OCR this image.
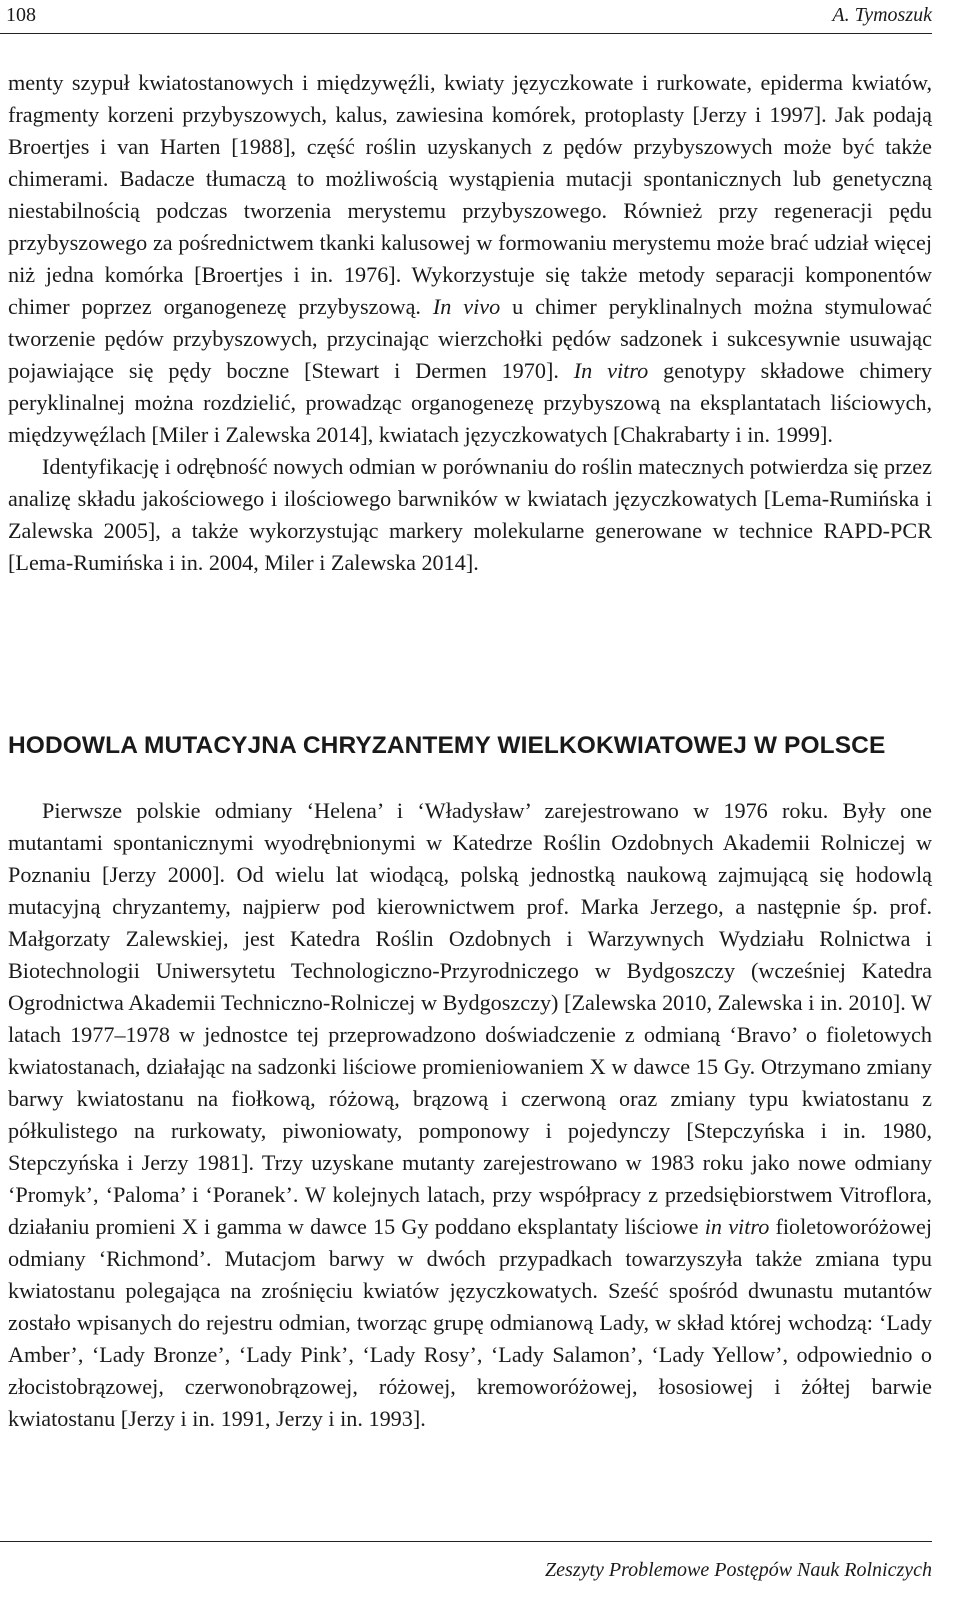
108	A. Tymoszuk

menty szypuł kwiatostanowych i międzywęźli, kwiaty języczkowate i rurkowate, epiderma kwiatów, fragmenty korzeni przybyszowych, kalus, zawiesina komórek, protoplasty [Jerzy i 1997]. Jak podają Broertjes i van Harten [1988], część roślin uzyskanych z pędów przybyszowych może być także chimerami. Badacze tłumaczą to możliwością wystąpienia mutacji spontanicznych lub genetyczną niestabilnością podczas tworzenia merystemu przybyszowego. Również przy regeneracji pędu przybyszowego za pośrednictwem tkanki kalusowej w formowaniu merystemu może brać udział więcej niż jedna komórka [Broertjes i in. 1976]. Wykorzystuje się także metody separacji komponentów chimer poprzez organogenezę przybyszową. In vivo u chimer peryklinalnych można stymulować tworzenie pędów przybyszowych, przycinając wierzchołki pędów sadzonek i sukcesywnie usuwając pojawiające się pędy boczne [Stewart i Dermen 1970]. In vitro genotypy składowe chimery peryklinalnej można rozdzielić, prowadząc organogenezę przybyszową na eksplantatach liściowych, międzywęźlach [Miler i Zalewska 2014], kwiatach języczkowatych [Chakrabarty i in. 1999].

Identyfikację i odrębność nowych odmian w porównaniu do roślin matecznych potwierdza się przez analizę składu jakościowego i ilościowego barwników w kwiatach języczkowatych [Lema-Rumińska i Zalewska 2005], a także wykorzystując markery molekularne generowane w technice RAPD-PCR [Lema-Rumińska i in. 2004, Miler i Zalewska 2014].

HODOWLA MUTACYJNA CHRYZANTEMY WIELKOKWIATOWEJ W POLSCE

Pierwsze polskie odmiany ‘Helena’ i ‘Władysław’ zarejestrowano w 1976 roku. Były one mutantami spontanicznymi wyodrębnionymi w Katedrze Roślin Ozdobnych Akademii Rolniczej w Poznaniu [Jerzy 2000]. Od wielu lat wiodącą, polską jednostką naukową zajmującą się hodowlą mutacyjną chryzantemy, najpierw pod kierownictwem prof. Marka Jerzego, a następnie śp. prof. Małgorzaty Zalewskiej, jest Katedra Roślin Ozdobnych i Warzywnych Wydziału Rolnictwa i Biotechnologii Uniwersytetu Technologiczno-Przyrodniczego w Bydgoszczy (wcześniej Katedra Ogrodnictwa Akademii Techniczno-Rolniczej w Bydgoszczy) [Zalewska 2010, Zalewska i in. 2010]. W latach 1977–1978 w jednostce tej przeprowadzono doświadczenie z odmianą ‘Bravo’ o fioletowych kwiatostanach, działając na sadzonki liściowe promieniowaniem X w dawce 15 Gy. Otrzymano zmiany barwy kwiatostanu na fiołkową, różową, brązową i czerwoną oraz zmiany typu kwiatostanu z półkulistego na rurkowaty, piwoniowaty, pomponowy i pojedynczy [Stepczyńska i in. 1980, Stepczyńska i Jerzy 1981]. Trzy uzyskane mutanty zarejestrowano w 1983 roku jako nowe odmiany ‘Promyk’, ‘Paloma’ i ‘Poranek’. W kolejnych latach, przy współpracy z przedsiębiorstwem Vitroflora, działaniu promieni X i gamma w dawce 15 Gy poddano eksplantaty liściowe in vitro fioletoworóżowej odmiany ‘Richmond’. Mutacjom barwy w dwóch przypadkach towarzyszyła także zmiana typu kwiatostanu polegająca na zrośnięciu kwiatów języczkowatych. Sześć spośród dwunastu mutantów zostało wpisanych do rejestru odmian, tworząc grupę odmianową Lady, w skład której wchodzą: ‘Lady Amber’, ‘Lady Bronze’, ‘Lady Pink’, ‘Lady Rosy’, ‘Lady Salamon’, ‘Lady Yellow’, odpowiednio o złocistobrązowej, czerwonobrązowej, różowej, kremoworóżowej, łososiowej i żółtej barwie kwiatostanu [Jerzy i in. 1991, Jerzy i in. 1993].

Zeszyty Problemowe Postępów Nauk Rolniczych
